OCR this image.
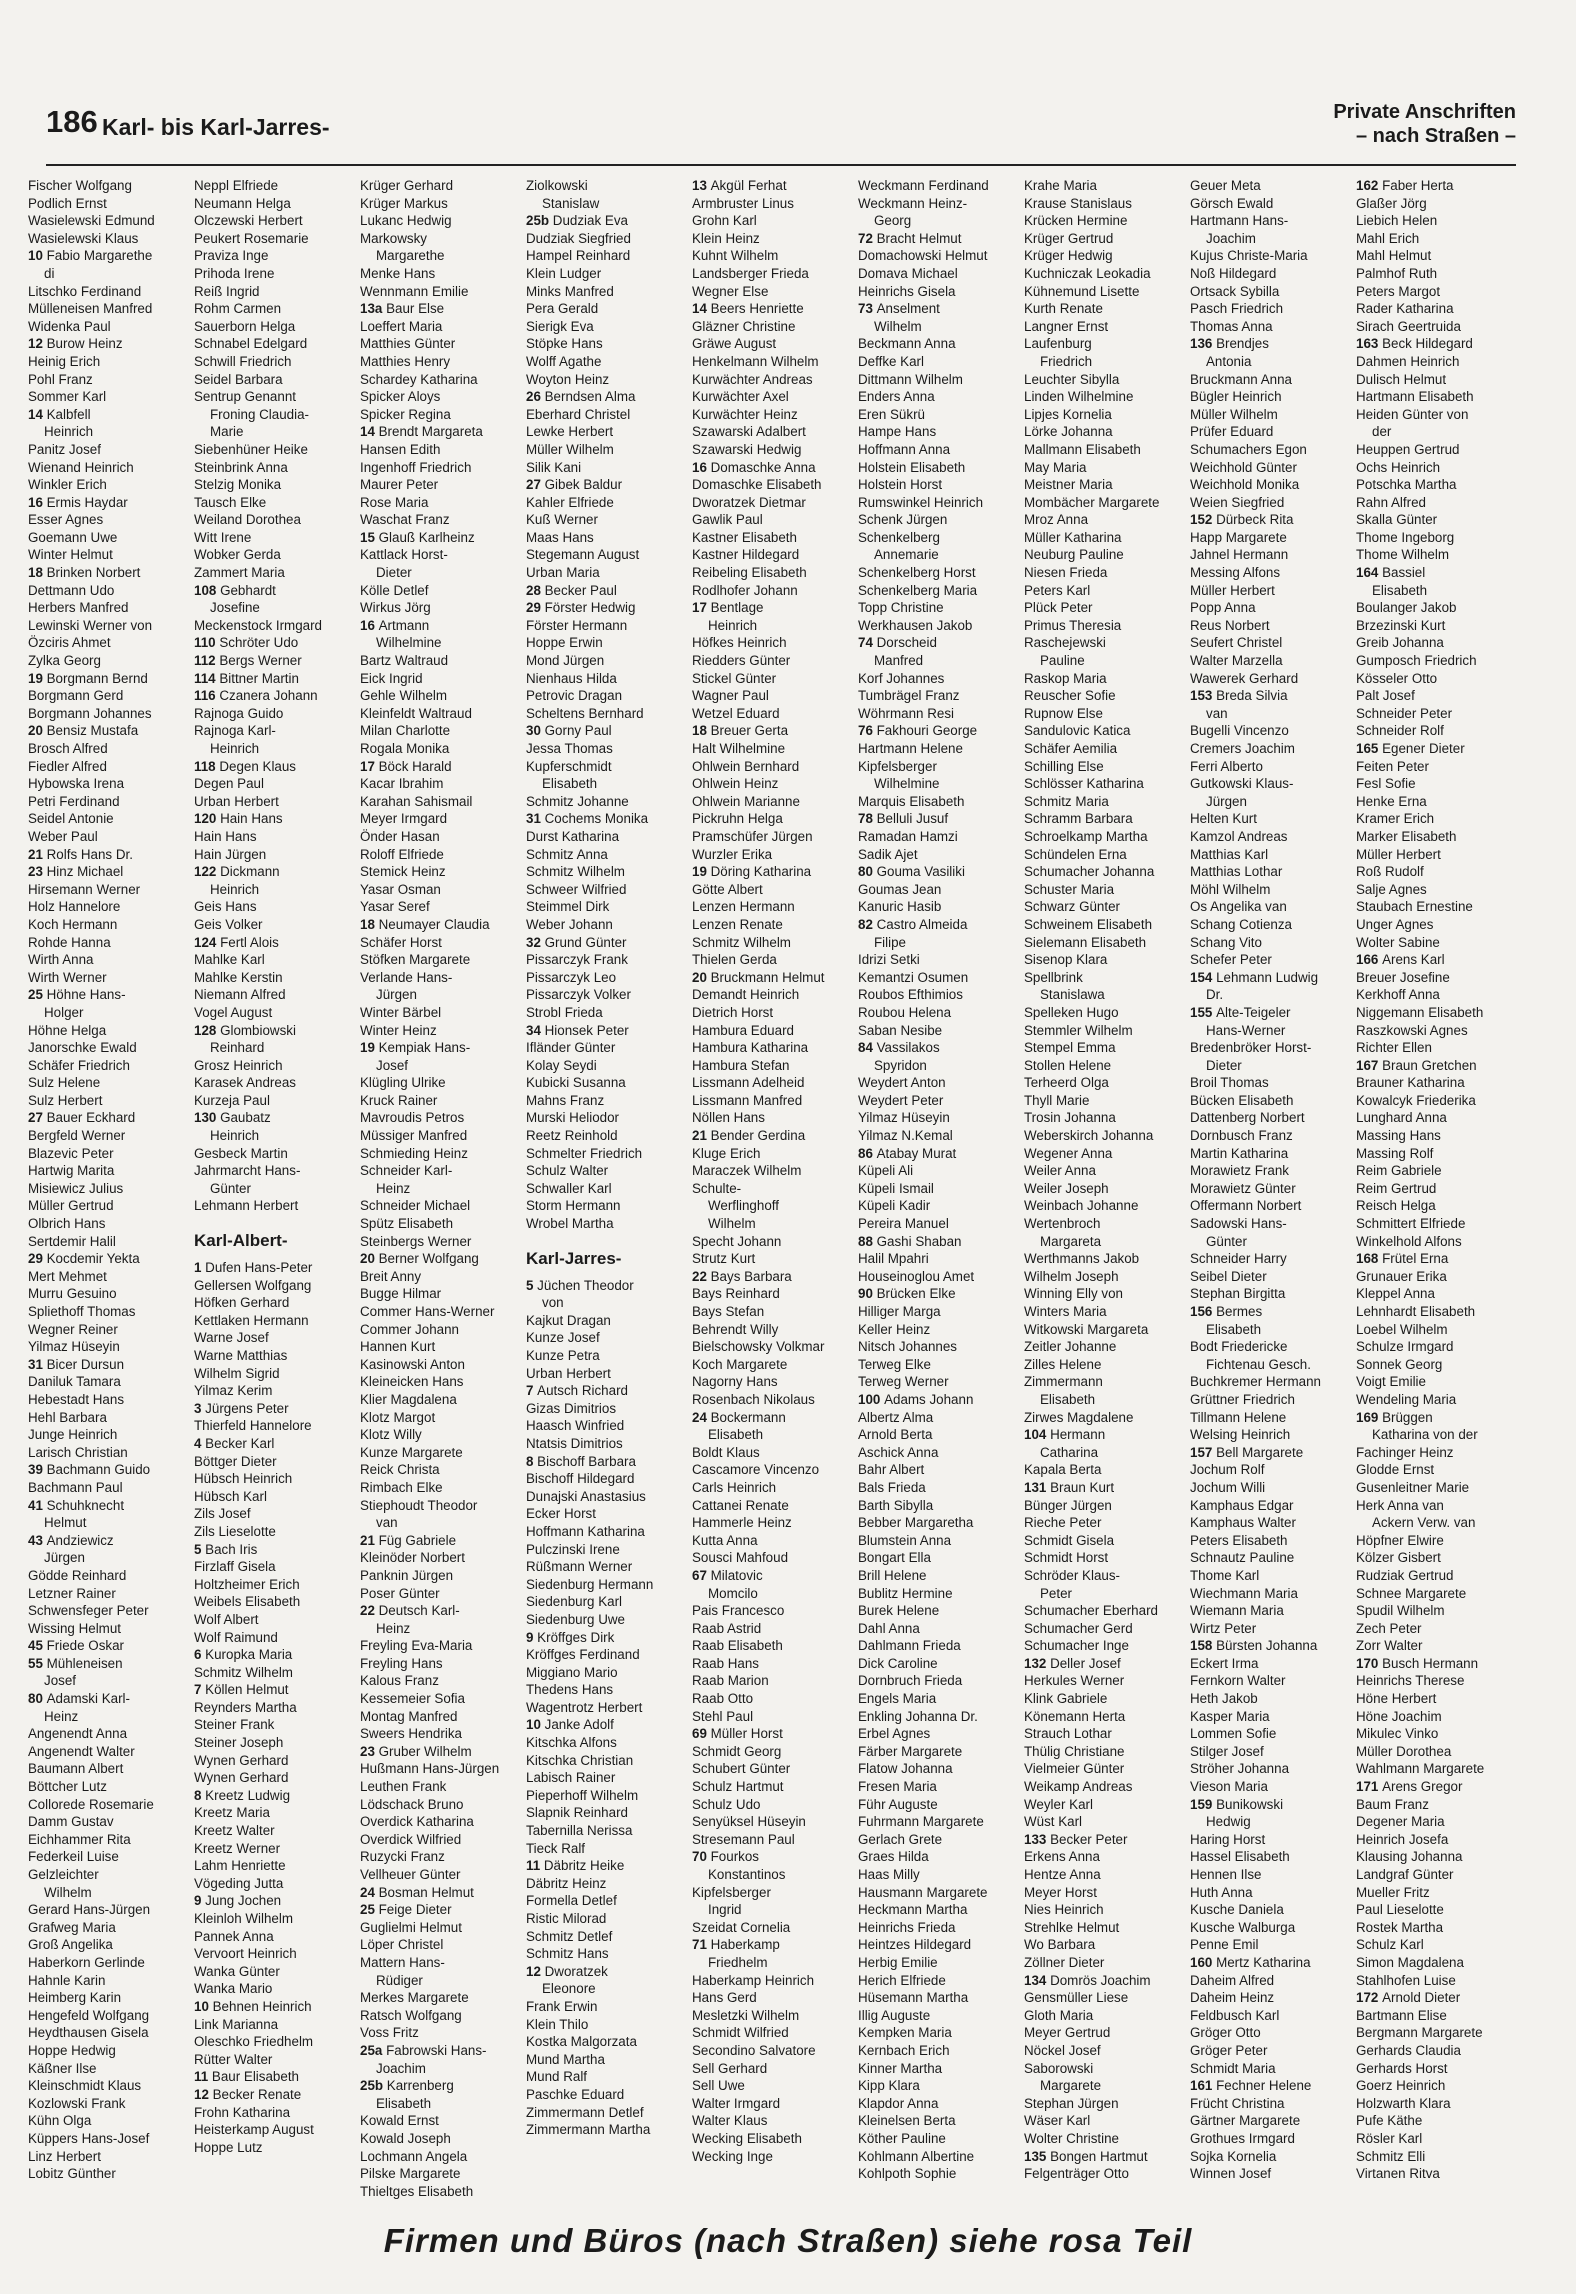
186 Karl- bis Karl-Jarres-
Private Anschriften
– nach Straßen –
Fischer Wolfgang
Podlich Ernst
Wasielewski Edmund
Wasielewski Klaus
10 Fabio Margarethe
di
Litschko Ferdinand
Mülleneisen Manfred
Widenka Paul
12 Burow Heinz
Heinig Erich
Pohl Franz
Sommer Karl
14 Kalbfell
Heinrich
Panitz Josef
Wienand Heinrich
Winkler Erich
16 Ermis Haydar
Esser Agnes
Goemann Uwe
Winter Helmut
18 Brinken Norbert
Dettmann Udo
Herbers Manfred
Lewinski Werner von
Özciris Ahmet
Zylka Georg
19 Borgmann Bernd
Borgmann Gerd
Borgmann Johannes
20 Bensiz Mustafa
Brosch Alfred
Fiedler Alfred
Hybowska Irena
Petri Ferdinand
Seidel Antonie
Weber Paul
21 Rolfs Hans Dr.
23 Hinz Michael
Hirsemann Werner
Holz Hannelore
Koch Hermann
Rohde Hanna
Wirth Anna
Wirth Werner
25 Höhne Hans-
Holger
Höhne Helga
Janorschke Ewald
Schäfer Friedrich
Sulz Helene
Sulz Herbert
27 Bauer Eckhard
Bergfeld Werner
Blazevic Peter
Hartwig Marita
Misiewicz Julius
Müller Gertrud
Olbrich Hans
Sertdemir Halil
29 Kocdemir Yekta
Mert Mehmet
Murru Gesuino
Spliethoff Thomas
Wegner Reiner
Yilmaz Hüseyin
31 Bicer Dursun
Daniluk Tamara
Hebestadt Hans
Hehl Barbara
Junge Heinrich
Larisch Christian
39 Bachmann Guido
Bachmann Paul
41 Schuhknecht
Helmut
43 Andziewicz
Jürgen
Gödde Reinhard
Letzner Rainer
Schwensfeger Peter
Wissing Helmut
45 Friede Oskar
55 Mühleneisen
Josef
80 Adamski Karl-
Heinz
Angenendt Anna
Angenendt Walter
Baumann Albert
Böttcher Lutz
Collorede Rosemarie
Damm Gustav
Eichhammer Rita
Federkeil Luise
Gelzleichter
Wilhelm
Gerard Hans-Jürgen
Grafweg Maria
Groß Angelika
Haberkorn Gerlinde
Hahnle Karin
Heimberg Karin
Hengefeld Wolfgang
Heydthausen Gisela
Hoppe Hedwig
Käßner Ilse
Kleinschmidt Klaus
Kozlowski Frank
Kühn Olga
Küppers Hans-Josef
Linz Herbert
Lobitz Günther
Neppl Elfriede
Neumann Helga
Olczewski Herbert
Peukert Rosemarie
Praviza Inge
Prihoda Irene
Reiß Ingrid
Rohm Carmen
Sauerborn Helga
Schnabel Edelgard
Schwill Friedrich
Seidel Barbara
Sentrup Genannt
Froning Claudia-
Marie
Siebenhüner Heike
Steinbrink Anna
Stelzig Monika
Tausch Elke
Weiland Dorothea
Witt Irene
Wobker Gerda
Zammert Maria
108 Gebhardt
Josefine
Meckenstock Irmgard
110 Schröter Udo
112 Bergs Werner
114 Bittner Martin
116 Czanera Johann
Rajnoga Guido
Rajnoga Karl-
Heinrich
118 Degen Klaus
Degen Paul
Urban Herbert
120 Hain Hans
Hain Hans
Hain Jürgen
122 Dickmann
Heinrich
Geis Hans
Geis Volker
124 Fertl Alois
Mahlke Karl
Mahlke Kerstin
Niemann Alfred
Vogel August
128 Glombiowski
Reinhard
Grosz Heinrich
Karasek Andreas
Kurzeja Paul
130 Gaubatz
Heinrich
Gesbeck Martin
Jahrmarcht Hans-
Günter
Lehmann Herbert
Karl-Albert-
1 Dufen Hans-Peter
Gellersen Wolfgang
Höfken Gerhard
Kettlaken Hermann
Warne Josef
Warne Matthias
Wilhelm Sigrid
Yilmaz Kerim
3 Jürgens Peter
Thierfeld Hannelore
4 Becker Karl
Böttger Dieter
Hübsch Heinrich
Hübsch Karl
Zils Josef
Zils Lieselotte
5 Bach Iris
Firzlaff Gisela
Holtzheimer Erich
Weibels Elisabeth
Wolf Albert
Wolf Raimund
6 Kuropka Maria
Schmitz Wilhelm
7 Köllen Helmut
Reynders Martha
Steiner Frank
Steiner Joseph
Wynen Gerhard
Wynen Gerhard
8 Kreetz Ludwig
Kreetz Maria
Kreetz Walter
Kreetz Werner
Lahm Henriette
Vögeding Jutta
9 Jung Jochen
Kleinloh Wilhelm
Pannek Anna
Vervoort Heinrich
Wanka Günter
Wanka Mario
10 Behnen Heinrich
Link Marianna
Oleschko Friedhelm
Rütter Walter
11 Baur Elisabeth
12 Becker Renate
Frohn Katharina
Heisterkamp August
Hoppe Lutz
Krüger Gerhard
Krüger Markus
Lukanc Hedwig
Markowsky
Margarethe
Menke Hans
Wennmann Emilie
13a Baur Else
Loeffert Maria
Matthies Günter
Matthies Henry
Schardey Katharina
Spicker Aloys
Spicker Regina
14 Brendt Margareta
Hansen Edith
Ingenhoff Friedrich
Maurer Peter
Rose Maria
Waschat Franz
15 Glauß Karlheinz
Kattlack Horst-
Dieter
Kölle Detlef
Wirkus Jörg
16 Artmann
Wilhelmine
Bartz Waltraud
Eick Ingrid
Gehle Wilhelm
Kleinfeldt Waltraud
Milan Charlotte
Rogala Monika
17 Böck Harald
Kacar Ibrahim
Karahan Sahismail
Meyer Irmgard
Önder Hasan
Roloff Elfriede
Stemick Heinz
Yasar Osman
Yasar Seref
18 Neumayer Claudia
Schäfer Horst
Stöfken Margarete
Verlande Hans-
Jürgen
Winter Bärbel
Winter Heinz
19 Kempiak Hans-
Josef
Klügling Ulrike
Kruck Rainer
Mavroudis Petros
Müssiger Manfred
Schmieding Heinz
Schneider Karl-
Heinz
Schneider Michael
Spütz Elisabeth
Steinbergs Werner
20 Berner Wolfgang
Breit Anny
Bugge Hilmar
Commer Hans-Werner
Commer Johann
Hannen Kurt
Kasinowski Anton
Kleineicken Hans
Klier Magdalena
Klotz Margot
Klotz Willy
Kunze Margarete
Reick Christa
Rimbach Elke
Stiephoudt Theodor
van
21 Füg Gabriele
Kleinöder Norbert
Panknin Jürgen
Poser Günter
22 Deutsch Karl-
Heinz
Freyling Eva-Maria
Freyling Hans
Kalous Franz
Kessemeier Sofia
Montag Manfred
Sweers Hendrika
23 Gruber Wilhelm
Hußmann Hans-Jürgen
Leuthen Frank
Lödschack Bruno
Overdick Katharina
Overdick Wilfried
Ruzycki Franz
Vellheuer Günter
24 Bosman Helmut
25 Feige Dieter
Guglielmi Helmut
Löper Christel
Mattern Hans-
Rüdiger
Merkes Margarete
Ratsch Wolfgang
Voss Fritz
25a Fabrowski Hans-
Joachim
25b Karrenberg
Elisabeth
Kowald Ernst
Kowald Joseph
Lochmann Angela
Pilske Margarete
Thieltges Elisabeth
Ziolkowski
Stanislaw
25b Dudziak Eva
Dudziak Siegfried
Hampel Reinhard
Klein Ludger
Minks Manfred
Pera Gerald
Sierigk Eva
Stöpke Hans
Wolff Agathe
Woyton Heinz
26 Berndsen Alma
Eberhard Christel
Lewke Herbert
Müller Wilhelm
Silik Kani
27 Gibek Baldur
Kahler Elfriede
Kuß Werner
Maas Hans
Stegemann August
Urban Maria
28 Becker Paul
29 Förster Hedwig
Förster Hermann
Hoppe Erwin
Mond Jürgen
Nienhaus Hilda
Petrovic Dragan
Scheltens Bernhard
30 Gorny Paul
Jessa Thomas
Kupferschmidt
Elisabeth
Schmitz Johanne
31 Cochems Monika
Durst Katharina
Schmitz Anna
Schmitz Wilhelm
Schweer Wilfried
Steimmel Dirk
Weber Johann
32 Grund Günter
Pissarczyk Frank
Pissarczyk Leo
Pissarczyk Volker
Strobl Frieda
34 Hionsek Peter
Ifländer Günter
Kolay Seydi
Kubicki Susanna
Mahns Franz
Murski Heliodor
Reetz Reinhold
Schmelter Friedrich
Schulz Walter
Schwaller Karl
Storm Hermann
Wrobel Martha
Karl-Jarres-
5 Jüchen Theodor
von
Kajkut Dragan
Kunze Josef
Kunze Petra
Urban Herbert
7 Autsch Richard
Gizas Dimitrios
Haasch Winfried
Ntatsis Dimitrios
8 Bischoff Barbara
Bischoff Hildegard
Dunajski Anastasius
Ecker Horst
Hoffmann Katharina
Pulczinski Irene
Rüßmann Werner
Siedenburg Hermann
Siedenburg Karl
Siedenburg Uwe
9 Kröffges Dirk
Kröffges Ferdinand
Miggiano Mario
Thedens Hans
Wagentrotz Herbert
10 Janke Adolf
Kitschka Alfons
Kitschka Christian
Labisch Rainer
Pieperhoff Wilhelm
Slapnik Reinhard
Tabernilla Nerissa
Tieck Ralf
11 Däbritz Heike
Däbritz Heinz
Formella Detlef
Ristic Milorad
Schmitz Detlef
Schmitz Hans
12 Dworatzek
Eleonore
Frank Erwin
Klein Thilo
Kostka Malgorzata
Mund Martha
Mund Ralf
Paschke Eduard
Zimmermann Detlef
Zimmermann Martha
13 Akgül Ferhat
Armbruster Linus
Grohn Karl
Klein Heinz
Kuhnt Wilhelm
Landsberger Frieda
Wegner Else
14 Beers Henriette
Gläzner Christine
Gräwe August
Henkelmann Wilhelm
Kurwächter Andreas
Kurwächter Axel
Kurwächter Heinz
Szawarski Adalbert
Szawarski Hedwig
16 Domaschke Anna
Domaschke Elisabeth
Dworatzek Dietmar
Gawlik Paul
Kastner Elisabeth
Kastner Hildegard
Reibeling Elisabeth
Rodlhofer Johann
17 Bentlage
Heinrich
Höfkes Heinrich
Riedders Günter
Stickel Günter
Wagner Paul
Wetzel Eduard
18 Breuer Gerta
Halt Wilhelmine
Ohlwein Bernhard
Ohlwein Heinz
Ohlwein Marianne
Pickruhn Helga
Pramschüfer Jürgen
Wurzler Erika
19 Döring Katharina
Götte Albert
Lenzen Hermann
Lenzen Renate
Schmitz Wilhelm
Thielen Gerda
20 Bruckmann Helmut
Demandt Heinrich
Dietrich Horst
Hambura Eduard
Hambura Katharina
Hambura Stefan
Lissmann Adelheid
Lissmann Manfred
Nöllen Hans
21 Bender Gerdina
Kluge Erich
Maraczek Wilhelm
Schulte-
Werflinghoff
Wilhelm
Specht Johann
Strutz Kurt
22 Bays Barbara
Bays Reinhard
Bays Stefan
Behrendt Willy
Bielschowsky Volkmar
Koch Margarete
Nagorny Hans
Rosenbach Nikolaus
24 Bockermann
Elisabeth
Boldt Klaus
Cascamore Vincenzo
Carls Heinrich
Cattanei Renate
Hammerle Heinz
Kutta Anna
Sousci Mahfoud
67 Milatovic
Momcilo
Pais Francesco
Raab Astrid
Raab Elisabeth
Raab Hans
Raab Marion
Raab Otto
Stehl Paul
69 Müller Horst
Schmidt Georg
Schubert Günter
Schulz Hartmut
Schulz Udo
Senyüksel Hüseyin
Stresemann Paul
70 Fourkos
Konstantinos
Kipfelsberger
Ingrid
Szeidat Cornelia
71 Haberkamp
Friedhelm
Haberkamp Heinrich
Hans Gerd
Mesletzki Wilhelm
Schmidt Wilfried
Secondino Salvatore
Sell Gerhard
Sell Uwe
Walter Irmgard
Walter Klaus
Wecking Elisabeth
Wecking Inge
Weckmann Ferdinand
Weckmann Heinz-
Georg
72 Bracht Helmut
Domachowski Helmut
Domava Michael
Heinrichs Gisela
73 Anselment
Wilhelm
Beckmann Anna
Deffke Karl
Dittmann Wilhelm
Enders Anna
Eren Sükrü
Hampe Hans
Hoffmann Anna
Holstein Elisabeth
Holstein Horst
Rumswinkel Heinrich
Schenk Jürgen
Schenkelberg
Annemarie
Schenkelberg Horst
Schenkelberg Maria
Topp Christine
Werkhausen Jakob
74 Dorscheid
Manfred
Korf Johannes
Tumbrägel Franz
Wöhrmann Resi
76 Fakhouri George
Hartmann Helene
Kipfelsberger
Wilhelmine
Marquis Elisabeth
78 Belluli Jusuf
Ramadan Hamzi
Sadik Ajet
80 Gouma Vasiliki
Goumas Jean
Kanuric Hasib
82 Castro Almeida
Filipe
Idrizi Setki
Kemantzi Osumen
Roubos Efthimios
Roubou Helena
Saban Nesibe
84 Vassilakos
Spyridon
Weydert Anton
Weydert Peter
Yilmaz Hüseyin
Yilmaz N.Kemal
86 Atabay Murat
Küpeli Ali
Küpeli Ismail
Küpeli Kadir
Pereira Manuel
88 Gashi Shaban
Halil Mpahri
Houseinoglou Amet
90 Brücken Elke
Hilliger Marga
Keller Heinz
Nitsch Johannes
Terweg Elke
Terweg Werner
100 Adams Johann
Albertz Alma
Arnold Berta
Aschick Anna
Bahr Albert
Bals Frieda
Barth Sibylla
Bebber Margaretha
Blumstein Anna
Bongart Ella
Brill Helene
Bublitz Hermine
Burek Helene
Dahl Anna
Dahlmann Frieda
Dick Caroline
Dornbruch Frieda
Engels Maria
Enkling Johanna Dr.
Erbel Agnes
Färber Margarete
Flatow Johanna
Fresen Maria
Führ Auguste
Fuhrmann Margarete
Gerlach Grete
Graes Hilda
Haas Milly
Hausmann Margarete
Heckmann Martha
Heinrichs Frieda
Heintzes Hildegard
Herbig Emilie
Herich Elfriede
Hüsemann Martha
Illig Auguste
Kempken Maria
Kernbach Erich
Kinner Martha
Kipp Klara
Klapdor Anna
Kleinelsen Berta
Köther Pauline
Kohlmann Albertine
Kohlpoth Sophie
Krahe Maria
Krause Stanislaus
Krücken Hermine
Krüger Gertrud
Krüger Hedwig
Kuchniczak Leokadia
Kühnemund Lisette
Kurth Renate
Langner Ernst
Laufenburg
Friedrich
Leuchter Sibylla
Linden Wilhelmine
Lipjes Kornelia
Lörke Johanna
Mallmann Elisabeth
May Maria
Meistner Maria
Mombächer Margarete
Mroz Anna
Müller Katharina
Neuburg Pauline
Niesen Frieda
Peters Karl
Plück Peter
Primus Theresia
Raschejewski
Pauline
Raskop Maria
Reuscher Sofie
Rupnow Else
Sandulovic Katica
Schäfer Aemilia
Schilling Else
Schlösser Katharina
Schmitz Maria
Schramm Barbara
Schroelkamp Martha
Schündelen Erna
Schumacher Johanna
Schuster Maria
Schwarz Günter
Schweinem Elisabeth
Sielemann Elisabeth
Sisenop Klara
Spellbrink
Stanislawa
Spelleken Hugo
Stemmler Wilhelm
Stempel Emma
Stollen Helene
Terheerd Olga
Thyll Marie
Trosin Johanna
Weberskirch Johanna
Wegener Anna
Weiler Anna
Weiler Joseph
Weinbach Johanne
Wertenbroch
Margareta
Werthmanns Jakob
Wilhelm Joseph
Winning Elly von
Winters Maria
Witkowski Margareta
Zeitler Johanne
Zilles Helene
Zimmermann
Elisabeth
Zirwes Magdalene
104 Hermann
Catharina
Kapala Berta
131 Braun Kurt
Bünger Jürgen
Rieche Peter
Schmidt Gisela
Schmidt Horst
Schröder Klaus-
Peter
Schumacher Eberhard
Schumacher Gerd
Schumacher Inge
132 Deller Josef
Herkules Werner
Klink Gabriele
Könemann Herta
Strauch Lothar
Thülig Christiane
Vielmeier Günter
Weikamp Andreas
Weyler Karl
Wüst Karl
133 Becker Peter
Erkens Anna
Hentze Anna
Meyer Horst
Nies Heinrich
Strehlke Helmut
Wo Barbara
Zöllner Dieter
134 Domrös Joachim
Gensmüller Liese
Gloth Maria
Meyer Gertrud
Nöckel Josef
Saborowski
Margarete
Stephan Jürgen
Wäser Karl
Wolter Christine
135 Bongen Hartmut
Felgenträger Otto
Geuer Meta
Görsch Ewald
Hartmann Hans-
Joachim
Kujus Christe-Maria
Noß Hildegard
Ortsack Sybilla
Pasch Friedrich
Thomas Anna
136 Brendjes
Antonia
Bruckmann Anna
Bügler Heinrich
Müller Wilhelm
Prüfer Eduard
Schumachers Egon
Weichhold Günter
Weichhold Monika
Weien Siegfried
152 Dürbeck Rita
Happ Margarete
Jahnel Hermann
Messing Alfons
Müller Herbert
Popp Anna
Reus Norbert
Seufert Christel
Walter Marzella
Wawerek Gerhard
153 Breda Silvia
van
Bugelli Vincenzo
Cremers Joachim
Ferri Alberto
Gutkowski Klaus-
Jürgen
Helten Kurt
Kamzol Andreas
Matthias Karl
Matthias Lothar
Möhl Wilhelm
Os Angelika van
Schang Cotienza
Schang Vito
Schefer Peter
154 Lehmann Ludwig
Dr.
155 Alte-Teigeler
Hans-Werner
Bredenbröker Horst-
Dieter
Broil Thomas
Bücken Elisabeth
Dattenberg Norbert
Dornbusch Franz
Martin Katharina
Morawietz Frank
Morawietz Günter
Offermann Norbert
Sadowski Hans-
Günter
Schneider Harry
Seibel Dieter
Stephan Birgitta
156 Bermes
Elisabeth
Bodt Friedericke
Fichtenau Gesch.
Buchkremer Hermann
Grüttner Friedrich
Tillmann Helene
Welsing Heinrich
157 Bell Margarete
Jochum Rolf
Jochum Willi
Kamphaus Edgar
Kamphaus Walter
Peters Elisabeth
Schnautz Pauline
Thome Karl
Wiechmann Maria
Wiemann Maria
Wirtz Peter
158 Bürsten Johanna
Eckert Irma
Fernkorn Walter
Heth Jakob
Kasper Maria
Lommen Sofie
Stilger Josef
Ströher Johanna
Vieson Maria
159 Bunikowski
Hedwig
Haring Horst
Hassel Elisabeth
Hennen Ilse
Huth Anna
Kusche Daniela
Kusche Walburga
Penne Emil
160 Mertz Katharina
Daheim Alfred
Daheim Heinz
Feldbusch Karl
Gröger Otto
Gröger Peter
Schmidt Maria
161 Fechner Helene
Frücht Christina
Gärtner Margarete
Grothues Irmgard
Sojka Kornelia
Winnen Josef
162 Faber Herta
Glaßer Jörg
Liebich Helen
Mahl Erich
Mahl Helmut
Palmhof Ruth
Peters Margot
Rader Katharina
Sirach Geertruida
163 Beck Hildegard
Dahmen Heinrich
Dulisch Helmut
Hartmann Elisabeth
Heiden Günter von
der
Heuppen Gertrud
Ochs Heinrich
Potschka Martha
Rahn Alfred
Skalla Günter
Thome Ingeborg
Thome Wilhelm
164 Bassiel
Elisabeth
Boulanger Jakob
Brzezinski Kurt
Greib Johanna
Gumposch Friedrich
Kösseler Otto
Palt Josef
Schneider Peter
Schneider Rolf
165 Egener Dieter
Feiten Peter
Fesl Sofie
Henke Erna
Kramer Erich
Marker Elisabeth
Müller Herbert
Roß Rudolf
Salje Agnes
Staubach Ernestine
Unger Agnes
Wolter Sabine
166 Arens Karl
Breuer Josefine
Kerkhoff Anna
Niggemann Elisabeth
Raszkowski Agnes
Richter Ellen
167 Braun Gretchen
Brauner Katharina
Kowalcyk Friederika
Lunghard Anna
Massing Hans
Massing Rolf
Reim Gabriele
Reim Gertrud
Reisch Helga
Schmittert Elfriede
Winkelhold Alfons
168 Frütel Erna
Grunauer Erika
Kleppel Anna
Lehnhardt Elisabeth
Loebel Wilhelm
Schulze Irmgard
Sonnek Georg
Voigt Emilie
Wendeling Maria
169 Brüggen
Katharina von der
Fachinger Heinz
Glodde Ernst
Gusenleitner Marie
Herk Anna van
Ackern Verw. van
Höpfner Elwire
Kölzer Gisbert
Rudziak Gertrud
Schnee Margarete
Spudil Wilhelm
Zech Peter
Zorr Walter
170 Busch Hermann
Heinrichs Therese
Höne Herbert
Höne Joachim
Mikulec Vinko
Müller Dorothea
Wahlmann Margarete
171 Arens Gregor
Baum Franz
Degener Maria
Heinrich Josefa
Klausing Johanna
Landgraf Günter
Mueller Fritz
Paul Lieselotte
Rostek Martha
Schulz Karl
Simon Magdalena
Stahlhofen Luise
172 Arnold Dieter
Bartmann Elise
Bergmann Margarete
Gerhards Claudia
Gerhards Horst
Goerz Heinrich
Holzwarth Klara
Pufe Käthe
Rösler Karl
Schmitz Elli
Virtanen Ritva
Firmen und Büros (nach Straßen) siehe rosa Teil
